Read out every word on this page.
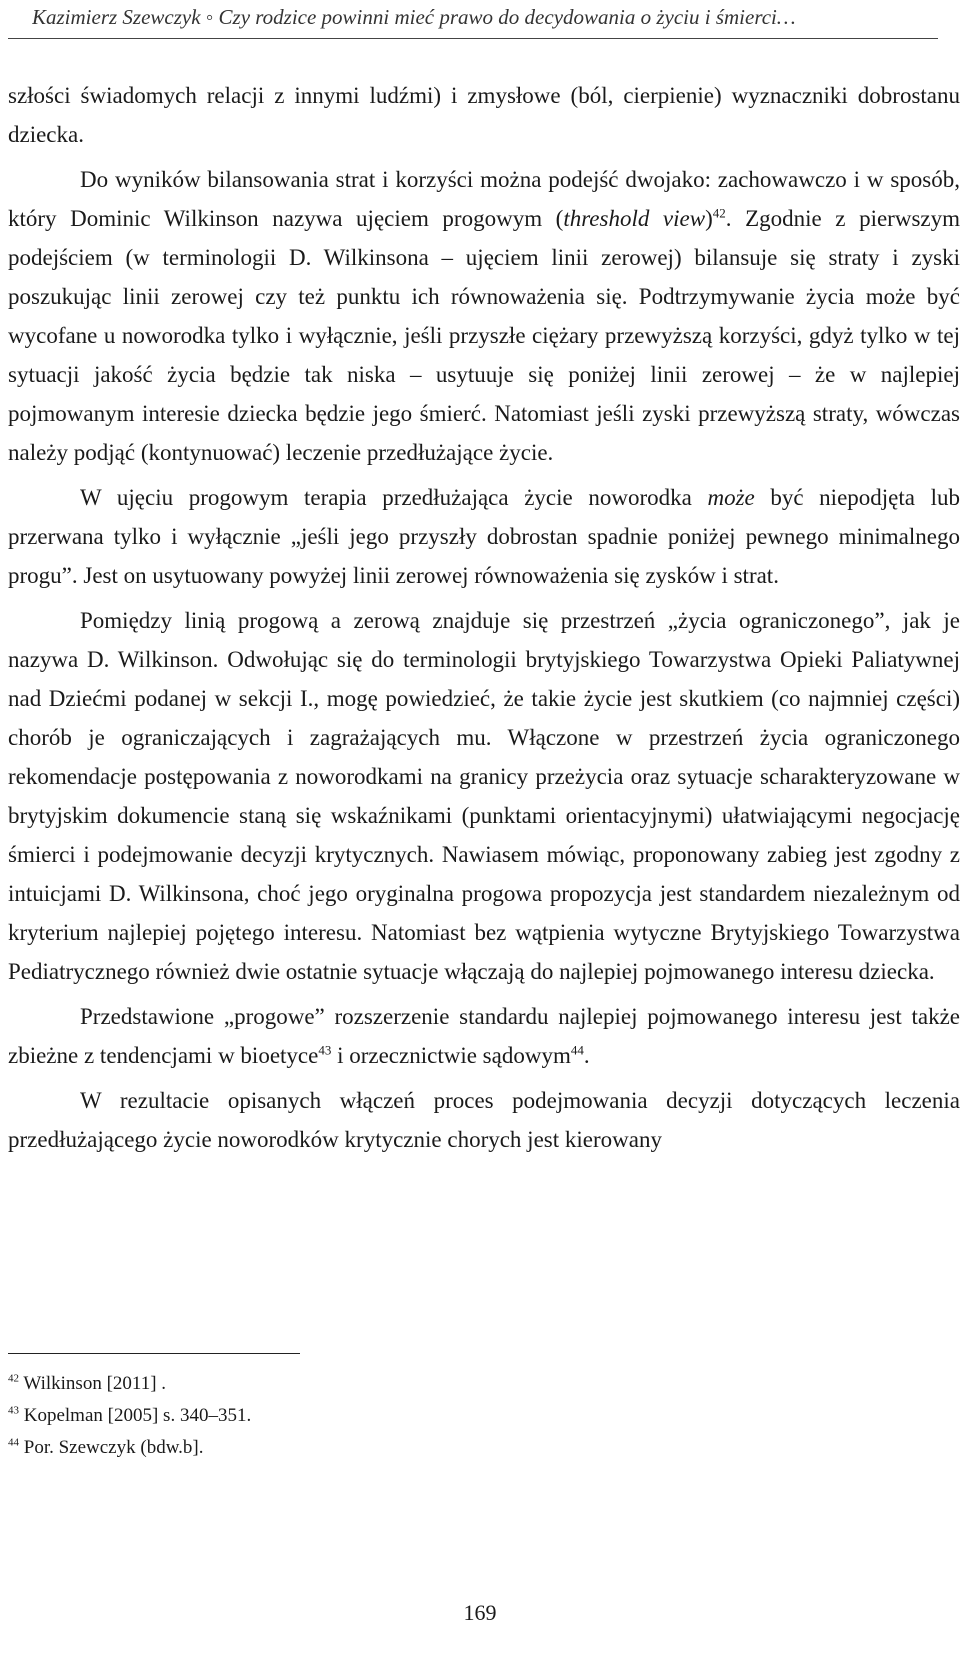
Kazimierz Szewczyk ◦ Czy rodzice powinni mieć prawo do decydowania o życiu i śmierci…

szłości świadomych relacji z innymi ludźmi) i zmysłowe (ból, cierpienie) wyznaczniki dobrostanu dziecka.

Do wyników bilansowania strat i korzyści można podejść dwojako: zachowawczo i w sposób, który Dominic Wilkinson nazywa ujęciem progowym (threshold view)$^{42}$. Zgodnie z pierwszym podejściem (w terminologii D. Wilkinsona – ujęciem linii zerowej) bilansuje się straty i zyski poszukując linii zerowej czy też punktu ich równoważenia się. Podtrzymywanie życia może być wycofane u noworodka tylko i wyłącznie, jeśli przyszłe ciężary przewyższą korzyści, gdyż tylko w tej sytuacji jakość życia będzie tak niska – usytuuje się poniżej linii zerowej – że w najlepiej pojmowanym interesie dziecka będzie jego śmierć. Natomiast jeśli zyski przewyższą straty, wówczas należy podjąć (kontynuować) leczenie przedłużające życie.

W ujęciu progowym terapia przedłużająca życie noworodka może być niepodjęta lub przerwana tylko i wyłącznie „jeśli jego przyszły dobrostan spadnie poniżej pewnego minimalnego progu”. Jest on usytuowany powyżej linii zerowej równoważenia się zysków i strat.

Pomiędzy linią progową a zerową znajduje się przestrzeń „życia ograniczonego”, jak je nazywa D. Wilkinson. Odwołując się do terminologii brytyjskiego Towarzystwa Opieki Paliatywnej nad Dziećmi podanej w sekcji I., mogę powiedzieć, że takie życie jest skutkiem (co najmniej części) chorób je ograniczających i zagrażających mu. Włączone w przestrzeń życia ograniczonego rekomendacje postępowania z noworodkami na granicy przeżycia oraz sytuacje scharakteryzowane w brytyjskim dokumencie staną się wskaźnikami (punktami orientacyjnymi) ułatwiającymi negocjację śmierci i podejmowanie decyzji krytycznych. Nawiasem mówiąc, proponowany zabieg jest zgodny z intuicjami D. Wilkinsona, choć jego oryginalna progowa propozycja jest standardem niezależnym od kryterium najlepiej pojętego interesu. Natomiast bez wątpienia wytyczne Brytyjskiego Towarzystwa Pediatrycznego również dwie ostatnie sytuacje włączają do najlepiej pojmowanego interesu dziecka.

Przedstawione „progowe” rozszerzenie standardu najlepiej pojmowanego interesu jest także zbieżne z tendencjami w bioetyce$^{43}$ i orzecznictwie sądowym$^{44}$.

W rezultacie opisanych włączeń proces podejmowania decyzji dotyczących leczenia przedłużającego życie noworodków krytycznie chorych jest kierowany

$^{42}$ Wilkinson [2011] .

$^{43}$ Kopelman [2005] s. 340–351.

$^{44}$ Por. Szewczyk (bdw.b].

169
